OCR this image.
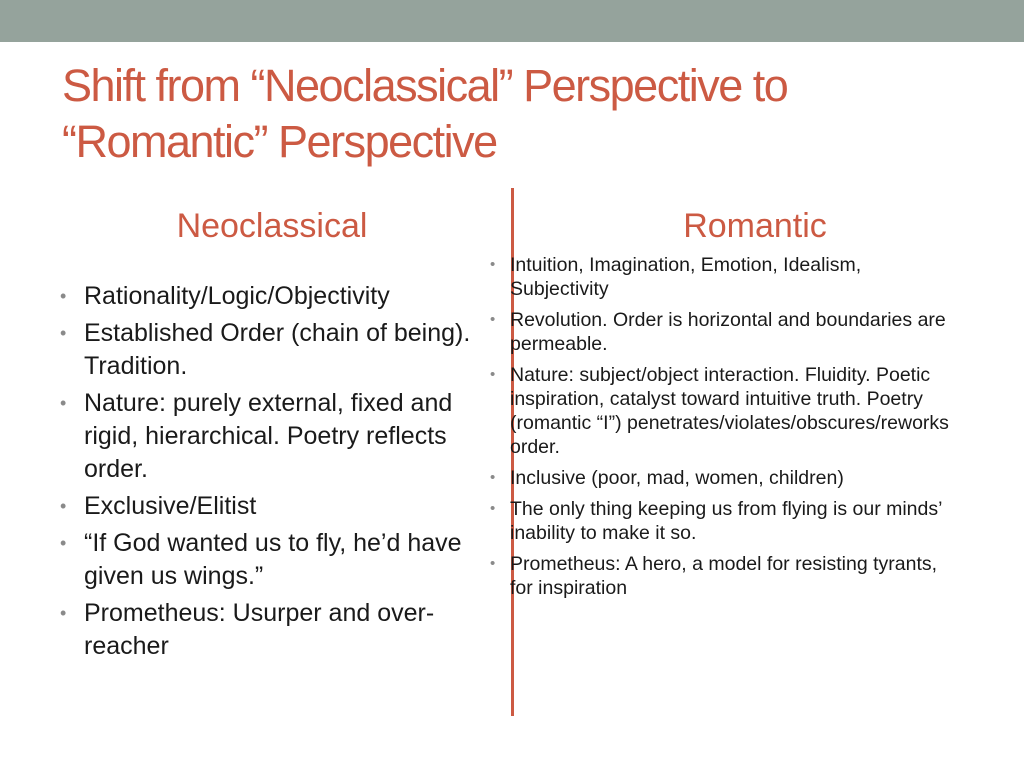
Shift from “Neoclassical” Perspective to “Romantic” Perspective
Neoclassical	Romantic
• Rationality/Logic/Objectivity
• Established Order (chain of being). Tradition.
• Nature: purely external, fixed and rigid, hierarchical. Poetry reflects order.
• Exclusive/Elitist
• “If God wanted us to fly, he’d have given us wings.”
• Prometheus: Usurper and over-reacher
• Intuition, Imagination, Emotion, Idealism, Subjectivity
• Revolution. Order is horizontal and boundaries are permeable.
• Nature: subject/object interaction. Fluidity. Poetic inspiration, catalyst toward intuitive truth. Poetry (romantic “I”) penetrates/violates/obscures/reworks order.
• Inclusive (poor, mad, women, children)
• The only thing keeping us from flying is our minds’ inability to make it so.
• Prometheus: A hero, a model for resisting tyrants, for inspiration
